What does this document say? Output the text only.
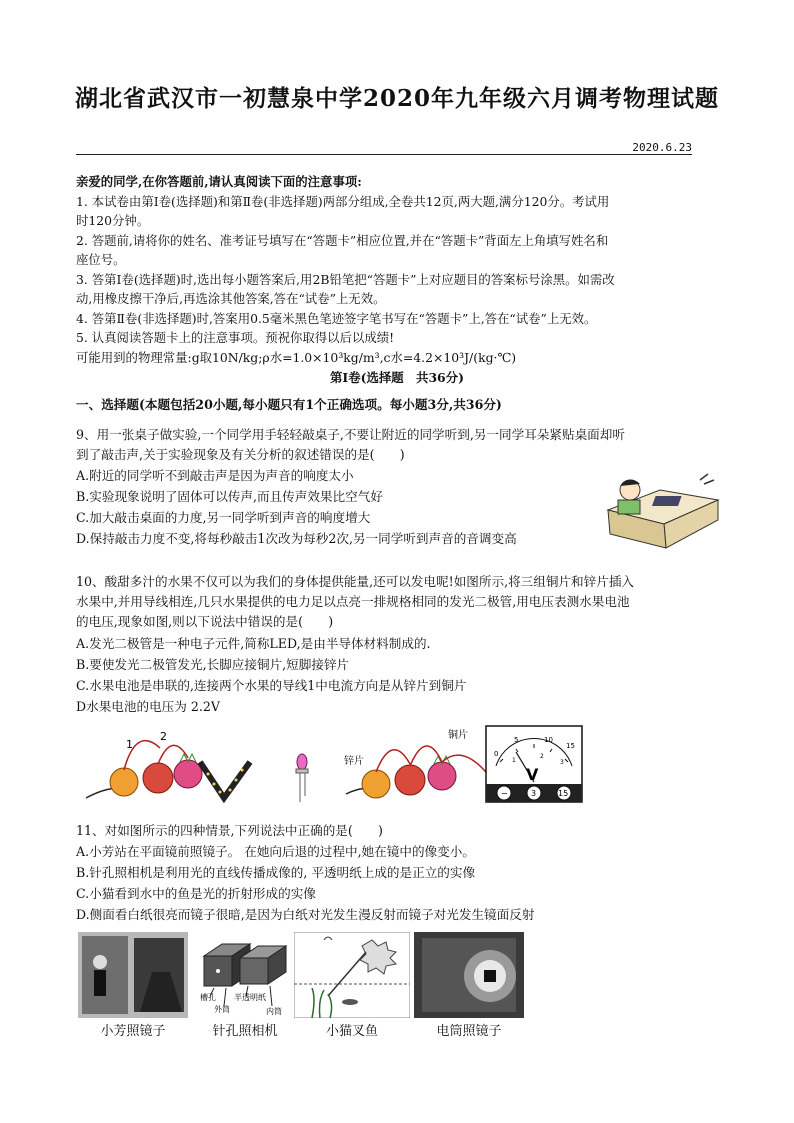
湖北省武汉市一初慧泉中学2020年九年级六月调考物理试题
2020.6.23
亲爱的同学,在你答题前,请认真阅读下面的注意事项:
1. 本试卷由第Ⅰ卷(选择题)和第Ⅱ卷(非选择题)两部分组成,全卷共12页,两大题,满分120分。考试用
时120分钟。
2. 答题前,请将你的姓名、准考证号填写在“答题卡”相应位置,并在“答题卡”背面左上角填写姓名和
座位号。
3. 答第I卷(选择题)时,选出每小题答案后,用2B铅笔把“答题卡”上对应题目的答案标号涂黑。如需改
动,用橡皮擦干净后,再选涂其他答案,答在“试卷”上无效。
4. 答第Ⅱ卷(非选择题)时,答案用0.5毫米黑色笔迹签字笔书写在“答题卡”上,答在“试卷”上无效。
5. 认真阅读答题卡上的注意事项。预祝你取得以后以成绩!
可能用到的物理常量:g取10N/kg;ρ水=1.0×10³kg/m³,c水=4.2×10³J/(kg·℃)
第Ⅰ卷(选择题　共36分)
一、选择题(本题包括20小题,每小题只有1个正确选项。每小题3分,共36分)
9、用一张桌子做实验,一个同学用手轻轻敲桌子,不要让附近的同学听到,另一同学耳朵紧贴桌面却听
到了敲击声,关于实验现象及有关分析的叙述错误的是(　　)
A.附近的同学听不到敲击声是因为声音的响度太小
B.实验现象说明了固体可以传声,而且传声效果比空气好
C.加大敲击桌面的力度,另一同学听到声音的响度增大
D.保持敲击力度不变,将每秒敲击1次改为每秒2次,另一同学听到声音的音调变高
10、酸甜多汁的水果不仅可以为我们的身体提供能量,还可以发电呢!如图所示,将三组铜片和锌片插入
水果中,并用导线相连,几只水果提供的电力足以点亮一排规格相同的发光二极管,用电压表测水果电池
的电压,现象如图,则以下说法中错误的是(　　)
A.发光二极管是一种电子元件,简称LED,是由半导体材料制成的.
B.要使发光二极管发光,长脚应接铜片,短脚接锌片
C.水果电池是串联的,连接两个水果的导线1中电流方向是从锌片到铜片
D水果电池的电压为 2.2V
1
2
锌片
铜片
0
5	10
15
1
2
3
V
−	3	15
11、对如图所示的四种情景,下列说法中正确的是(　　)
A.小芳站在平面镜前照镜子。 在她向后退的过程中,她在镜中的像变小。
B.针孔照相机是利用光的直线传播成像的, 平透明纸上成的是正立的实像
C.小猫看到水中的鱼是光的折射形成的实像
D.侧面看白纸很亮而镜子很暗,是因为白纸对光发生漫反射而镜子对光发生镜面反射
槽孔
外筒
半透明纸
内筒
小芳照镜子	针孔照相机	小猫叉鱼	电筒照镜子
